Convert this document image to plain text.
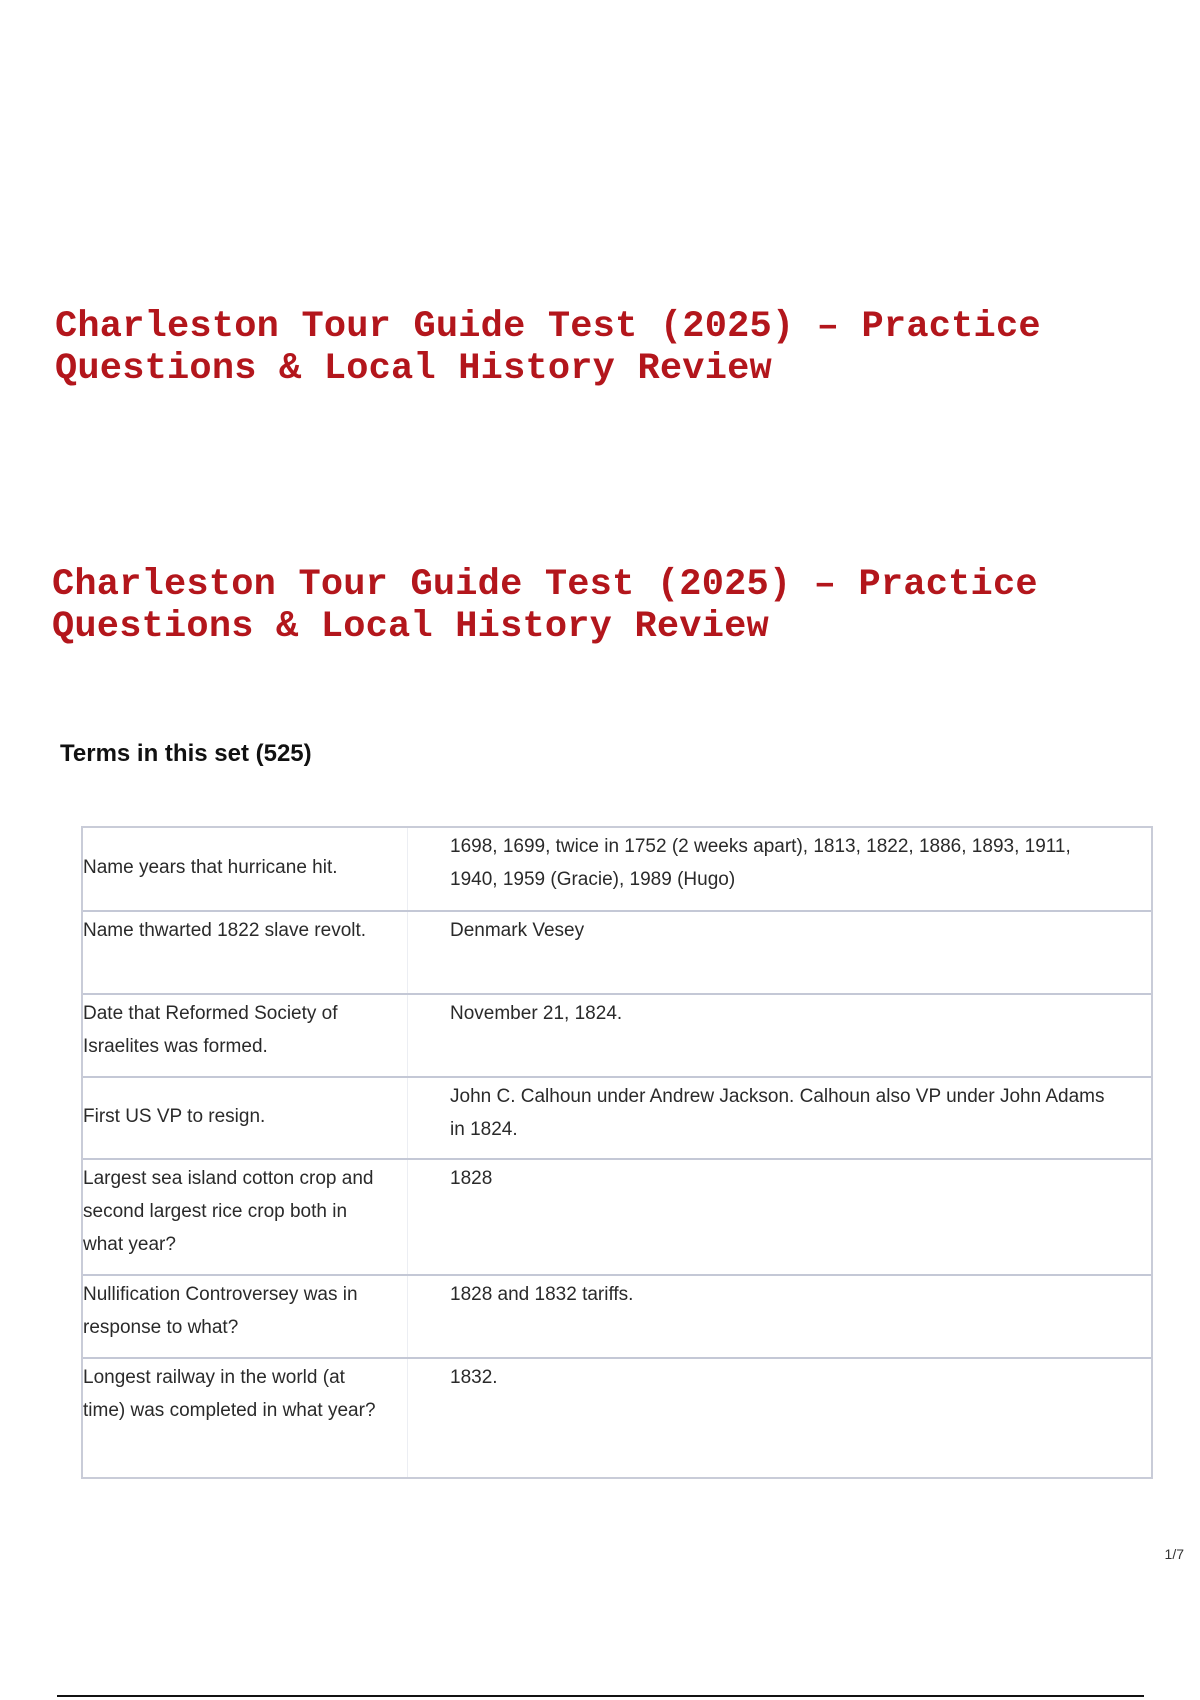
Charleston Tour Guide Test (2025) – Practice Questions & Local History Review
Charleston Tour Guide Test (2025) – Practice Questions & Local History Review
Terms in this set (525)
Name years that hurricane hit.
1698, 1699, twice in 1752 (2 weeks apart), 1813, 1822, 1886, 1893, 1911, 1940, 1959 (Gracie), 1989 (Hugo)
Name thwarted 1822 slave revolt.	Denmark Vesey
Date that Reformed Society of Israelites was formed.
November 21, 1824.
First US VP to resign.
John C. Calhoun under Andrew Jackson. Calhoun also VP under John Adams in 1824.
Largest sea island cotton crop and second largest rice crop both in what year?
1828
Nullification Controversey was in response to what?
1828 and 1832 tariffs.
Longest railway in the world (at time) was completed in what year?
1832.
1/7
